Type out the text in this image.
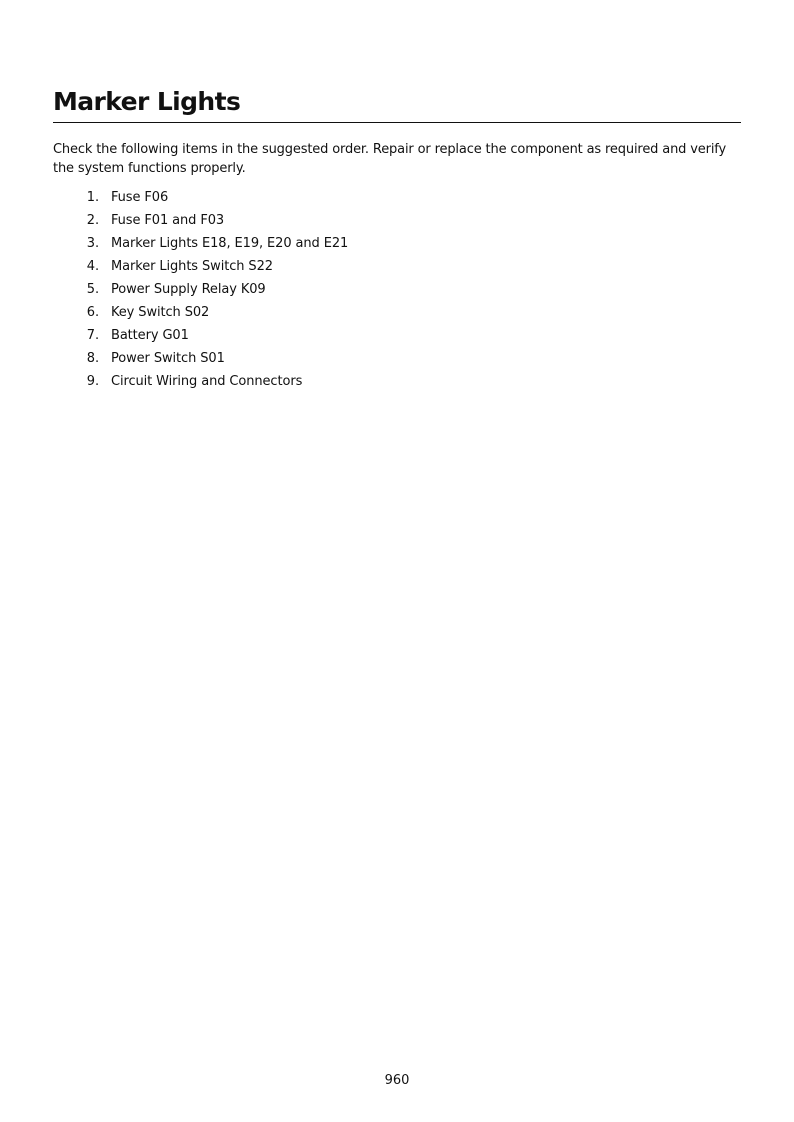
Marker Lights

Check the following items in the suggested order. Repair or replace the component as required and verify the system functions properly.

1. Fuse F06
2. Fuse F01 and F03
3. Marker Lights E18, E19, E20 and E21
4. Marker Lights Switch S22
5. Power Supply Relay K09
6. Key Switch S02
7. Battery G01
8. Power Switch S01
9. Circuit Wiring and Connectors
960
